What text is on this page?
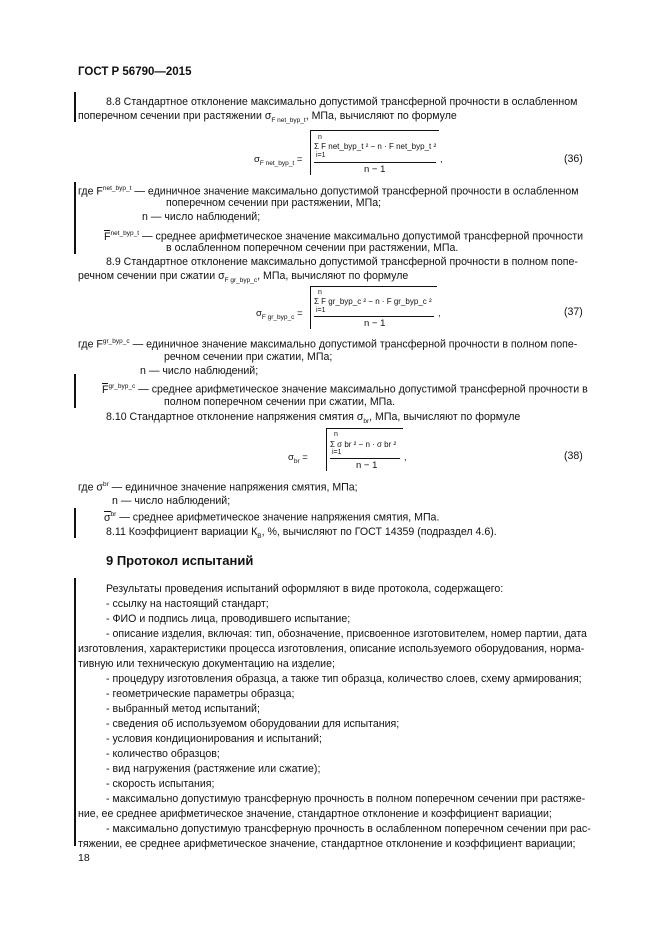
ГОСТ Р 56790—2015
8.8 Стандартное отклонение максимально допустимой трансферной прочности в ослабленном
поперечном сечении при растяжении $\sigma_{F net\_byp\_t}$, МПа, вычисляют по формуле
$\sigma_{F net\_byp\_t}$ =
n
Σ F net_byp_t ² − n · F net_byp_t ²
i=1
n − 1
,	(36)
где $F^{net\_byp\_t}$ — единичное значение максимально допустимой трансферной прочности в ослабленном
поперечном сечении при растяжении, МПа;
n — число наблюдений;
$F^{net\_byp\_t}$ — среднее арифметическое значение максимально допустимой трансферной прочности
в ослабленном поперечном сечении при растяжении, МПа.
8.9 Стандартное отклонение максимально допустимой трансферной прочности в полном попе-
речном сечении при сжатии $\sigma_{F gr\_byp\_c}$, МПа, вычисляют по формуле
$\sigma_{F gr\_byp\_c}$ =
n
Σ F gr_byp_c ² − n · F gr_byp_c ²
i=1
n − 1
,	(37)
где $F^{gr\_byp\_c}$ — единичное значение максимально допустимой трансферной прочности в полном попе-
речном сечении при сжатии, МПа;
n — число наблюдений;
$F^{gr\_byp\_c}$ — среднее арифметическое значение максимально допустимой трансферной прочности в
полном поперечном сечении при сжатии, МПа.
8.10 Стандартное отклонение напряжения смятия $\sigma_{br}$, МПа, вычисляют по формуле
$\sigma_{br}$ =
n
Σ σ br ² − n · σ br ²
i=1
n − 1
,	(38)
где $\sigma^{br}$ — единичное значение напряжения смятия, МПа;
n — число наблюдений;
$\sigma^{br}$ — среднее арифметическое значение напряжения смятия, МПа.
8.11 Коэффициент вариации $К_В$, %, вычисляют по ГОСТ 14359 (подраздел 4.6).
9 Протокол испытаний
Результаты проведения испытаний оформляют в виде протокола, содержащего:
- ссылку на настоящий стандарт;
- ФИО и подпись лица, проводившего испытание;
- описание изделия, включая: тип, обозначение, присвоенное изготовителем, номер партии, дата
изготовления, характеристики процесса изготовления, описание используемого оборудования, норма-
тивную или техническую документацию на изделие;
- процедуру изготовления образца, а также тип образца, количество слоев, схему армирования;
- геометрические параметры образца;
- выбранный метод испытаний;
- сведения об используемом оборудовании для испытания;
- условия кондиционирования и испытаний;
- количество образцов;
- вид нагружения (растяжение или сжатие);
- скорость испытания;
- максимально допустимую трансферную прочность в полном поперечном сечении при растяже-
ние, ее среднее арифметическое значение, стандартное отклонение и коэффициент вариации;
- максимально допустимую трансферную прочность в ослабленном поперечном сечении при рас-
тяжении, ее среднее арифметическое значение, стандартное отклонение и коэффициент вариации;
18
